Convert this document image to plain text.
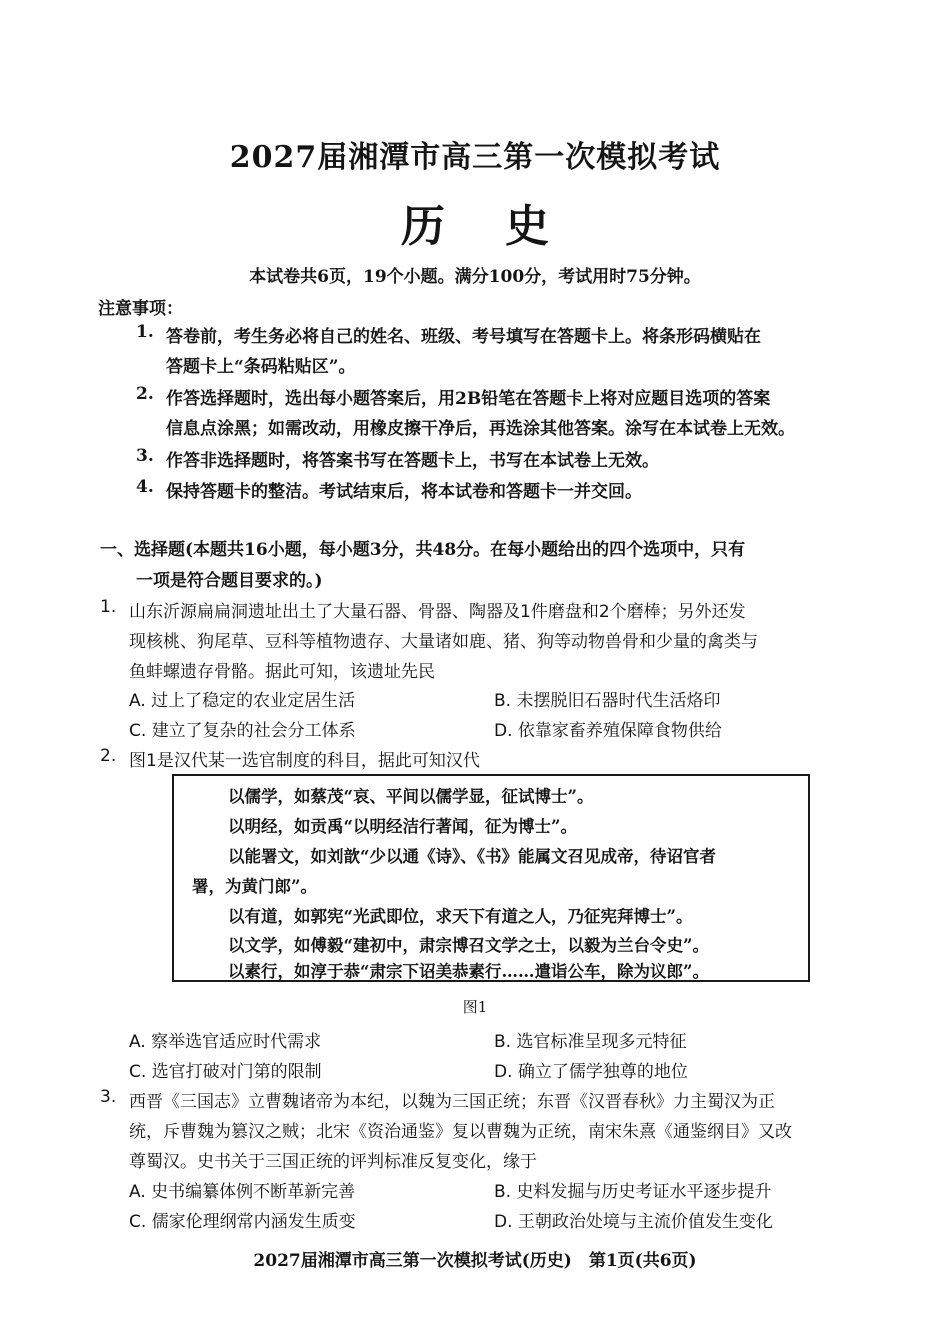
2027届湘潭市高三第一次模拟考试
历史
本试卷共6页，19个小题。满分100分，考试用时75分钟。
注意事项：
1. 答卷前，考生务必将自己的姓名、班级、考号填写在答题卡上。将条形码横贴在
答题卡上“条码粘贴区”。
2. 作答选择题时，选出每小题答案后，用2B铅笔在答题卡上将对应题目选项的答案
信息点涂黑；如需改动，用橡皮擦干净后，再选涂其他答案。涂写在本试卷上无效。
3. 作答非选择题时，将答案书写在答题卡上，书写在本试卷上无效。
4. 保持答题卡的整洁。考试结束后，将本试卷和答题卡一并交回。
一、选择题(本题共16小题，每小题3分，共48分。在每小题给出的四个选项中，只有
一项是符合题目要求的。)
1. 山东沂源扁扁洞遗址出土了大量石器、骨器、陶器及1件磨盘和2个磨棒；另外还发
现核桃、狗尾草、豆科等植物遗存、大量诸如鹿、猪、狗等动物兽骨和少量的禽类与
鱼蚌螺遗存骨骼。据此可知，该遗址先民
A. 过上了稳定的农业定居生活	B. 未摆脱旧石器时代生活烙印
C. 建立了复杂的社会分工体系	D. 依靠家畜养殖保障食物供给
2. 图1是汉代某一选官制度的科目，据此可知汉代
以儒学，如蔡茂“哀、平间以儒学显，征试博士”。
以明经，如贡禹“以明经洁行著闻，征为博士”。
以能署文，如刘歆“少以通《诗》、《书》能属文召见成帝，待诏官者
署，为黄门郎”。
以有道，如郭宪“光武即位，求天下有道之人，乃征宪拜博士”。
以文学，如傅毅“建初中，肃宗博召文学之士，以毅为兰台令史”。
以素行，如淳于恭“肃宗下诏美恭素行……遣诣公车，除为议郎”。
图1
A. 察举选官适应时代需求	B. 选官标准呈现多元特征
C. 选官打破对门第的限制	D. 确立了儒学独尊的地位
3. 西晋《三国志》立曹魏诸帝为本纪，以魏为三国正统；东晋《汉晋春秋》力主蜀汉为正
统，斥曹魏为篡汉之贼；北宋《资治通鉴》复以曹魏为正统，南宋朱熹《通鉴纲目》又改
尊蜀汉。史书关于三国正统的评判标准反复变化，缘于
A. 史书编纂体例不断革新完善	B. 史料发掘与历史考证水平逐步提升
C. 儒家伦理纲常内涵发生质变	D. 王朝政治处境与主流价值发生变化
2027届湘潭市高三第一次模拟考试(历史)　第1页(共6页)
